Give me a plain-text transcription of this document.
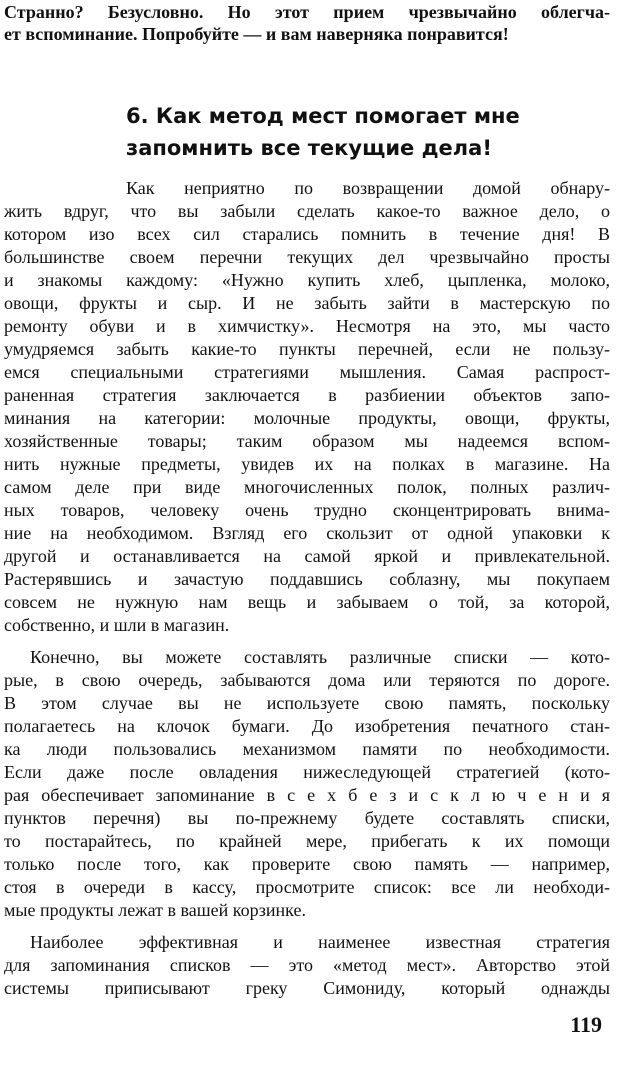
Странно? Безусловно. Но этот прием чрезвычайно облегча-
ет вспоминание. Попробуйте — и вам наверняка понравится!
6. Как метод мест помогает мне
запомнить все текущие дела!
Как неприятно по возвращении домой обнару-
жить вдруг, что вы забыли сделать какое-то важное дело, о
котором изо всех сил старались помнить в течение дня! В
большинстве своем перечни текущих дел чрезвычайно просты
и знакомы каждому: «Нужно купить хлеб, цыпленка, молоко,
овощи, фрукты и сыр. И не забыть зайти в мастерскую по
ремонту обуви и в химчистку». Несмотря на это, мы часто
умудряемся забыть какие-то пункты перечней, если не пользу-
емся специальными стратегиями мышления. Самая распрост-
раненная стратегия заключается в разбиении объектов запо-
минания на категории: молочные продукты, овощи, фрукты,
хозяйственные товары; таким образом мы надеемся вспом-
нить нужные предметы, увидев их на полках в магазине. На
самом деле при виде многочисленных полок, полных различ-
ных товаров, человеку очень трудно сконцентрировать внима-
ние на необходимом. Взгляд его скользит от одной упаковки к
другой и останавливается на самой яркой и привлекательной.
Растерявшись и зачастую поддавшись соблазну, мы покупаем
совсем не нужную нам вещь и забываем о той, за которой,
собственно, и шли в магазин.
Конечно, вы можете составлять различные списки — кото-
рые, в свою очередь, забываются дома или теряются по дороге.
В этом случае вы не используете свою память, поскольку
полагаетесь на клочок бумаги. До изобретения печатного стан-
ка люди пользовались механизмом памяти по необходимости.
Если даже после овладения нижеследующей стратегией (кото-
рая обеспечивает запоминание в с е х б е з и с к л ю ч е н и я
пунктов перечня) вы по-прежнему будете составлять списки,
то постарайтесь, по крайней мере, прибегать к их помощи
только после того, как проверите свою память — например,
стоя в очереди в кассу, просмотрите список: все ли необходи-
мые продукты лежат в вашей корзинке.
Наиболее эффективная и наименее известная стратегия
для запоминания списков — это «метод мест». Авторство этой
системы приписывают греку Симониду, который однажды
119
